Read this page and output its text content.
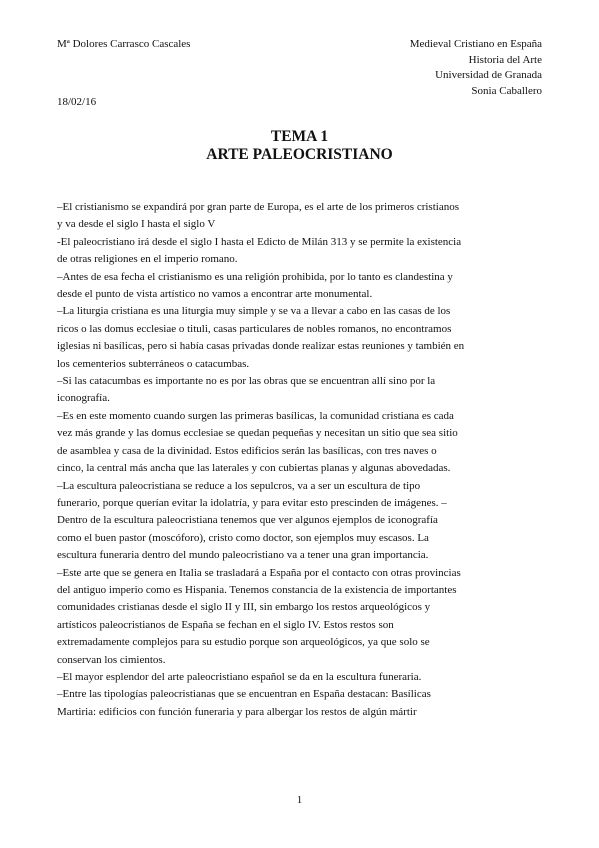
Mª Dolores Carrasco Cascales	Medieval Cristiano en España
Historia del Arte
Universidad de Granada
Sonia Caballero
18/02/16
TEMA 1
ARTE PALEOCRISTIANO

–El cristianismo se expandirá por gran parte de Europa, es el arte de los primeros cristianos

y va desde el siglo I hasta el siglo V

-El paleocristiano irá desde el siglo I hasta el Edicto de Milán 313 y se permite la existencia

de otras religiones en el imperio romano.

–Antes de esa fecha el cristianismo es una religión prohibida, por lo tanto es clandestina y

desde el punto de vista artístico no vamos a encontrar arte monumental.

–La liturgia cristiana es una liturgia muy simple y se va a llevar a cabo en las casas de los

ricos o las domus ecclesiae o tituli, casas particulares de nobles romanos, no encontramos

iglesias ni basílicas, pero si había casas privadas donde realizar estas reuniones y también en

los cementerios subterráneos o catacumbas.

–Si las catacumbas es importante no es por las obras que se encuentran allí sino por la

iconografía.

–Es en este momento cuando surgen las primeras basílicas, la comunidad cristiana es cada

vez más grande y las domus ecclesiae se quedan pequeñas y necesitan un sitio que sea sitio

de asamblea y casa de la divinidad. Estos edificios serán las basílicas, con tres naves o

cinco, la central más ancha que las laterales y con cubiertas planas y algunas abovedadas.

–La escultura paleocristiana se reduce a los sepulcros, va a ser un escultura de tipo

funerario, porque querían evitar la idolatría, y para evitar esto prescinden de imágenes. –

Dentro de la escultura paleocristiana tenemos que ver algunos ejemplos de iconografía

como el buen pastor (moscóforo), cristo como doctor, son ejemplos muy escasos. La

escultura funeraria dentro del mundo paleocristiano va a tener una gran importancia.

–Este arte que se genera en Italia se trasladará a España por el contacto con otras provincias

del antiguo imperio como es Hispania. Tenemos constancia de la existencia de importantes

comunidades cristianas desde el siglo II y III, sin embargo los restos arqueológicos y

artísticos paleocristianos de España se fechan en el siglo IV. Estos restos son

extremadamente complejos para su estudio porque son arqueológicos, ya que solo se

conservan los cimientos.

–El mayor esplendor del arte paleocristiano español se da en la escultura funeraria.

–Entre las tipologías paleocristianas que se encuentran en España destacan: Basílicas

Martiria: edificios con función funeraria y para albergar los restos de algún mártir

1
